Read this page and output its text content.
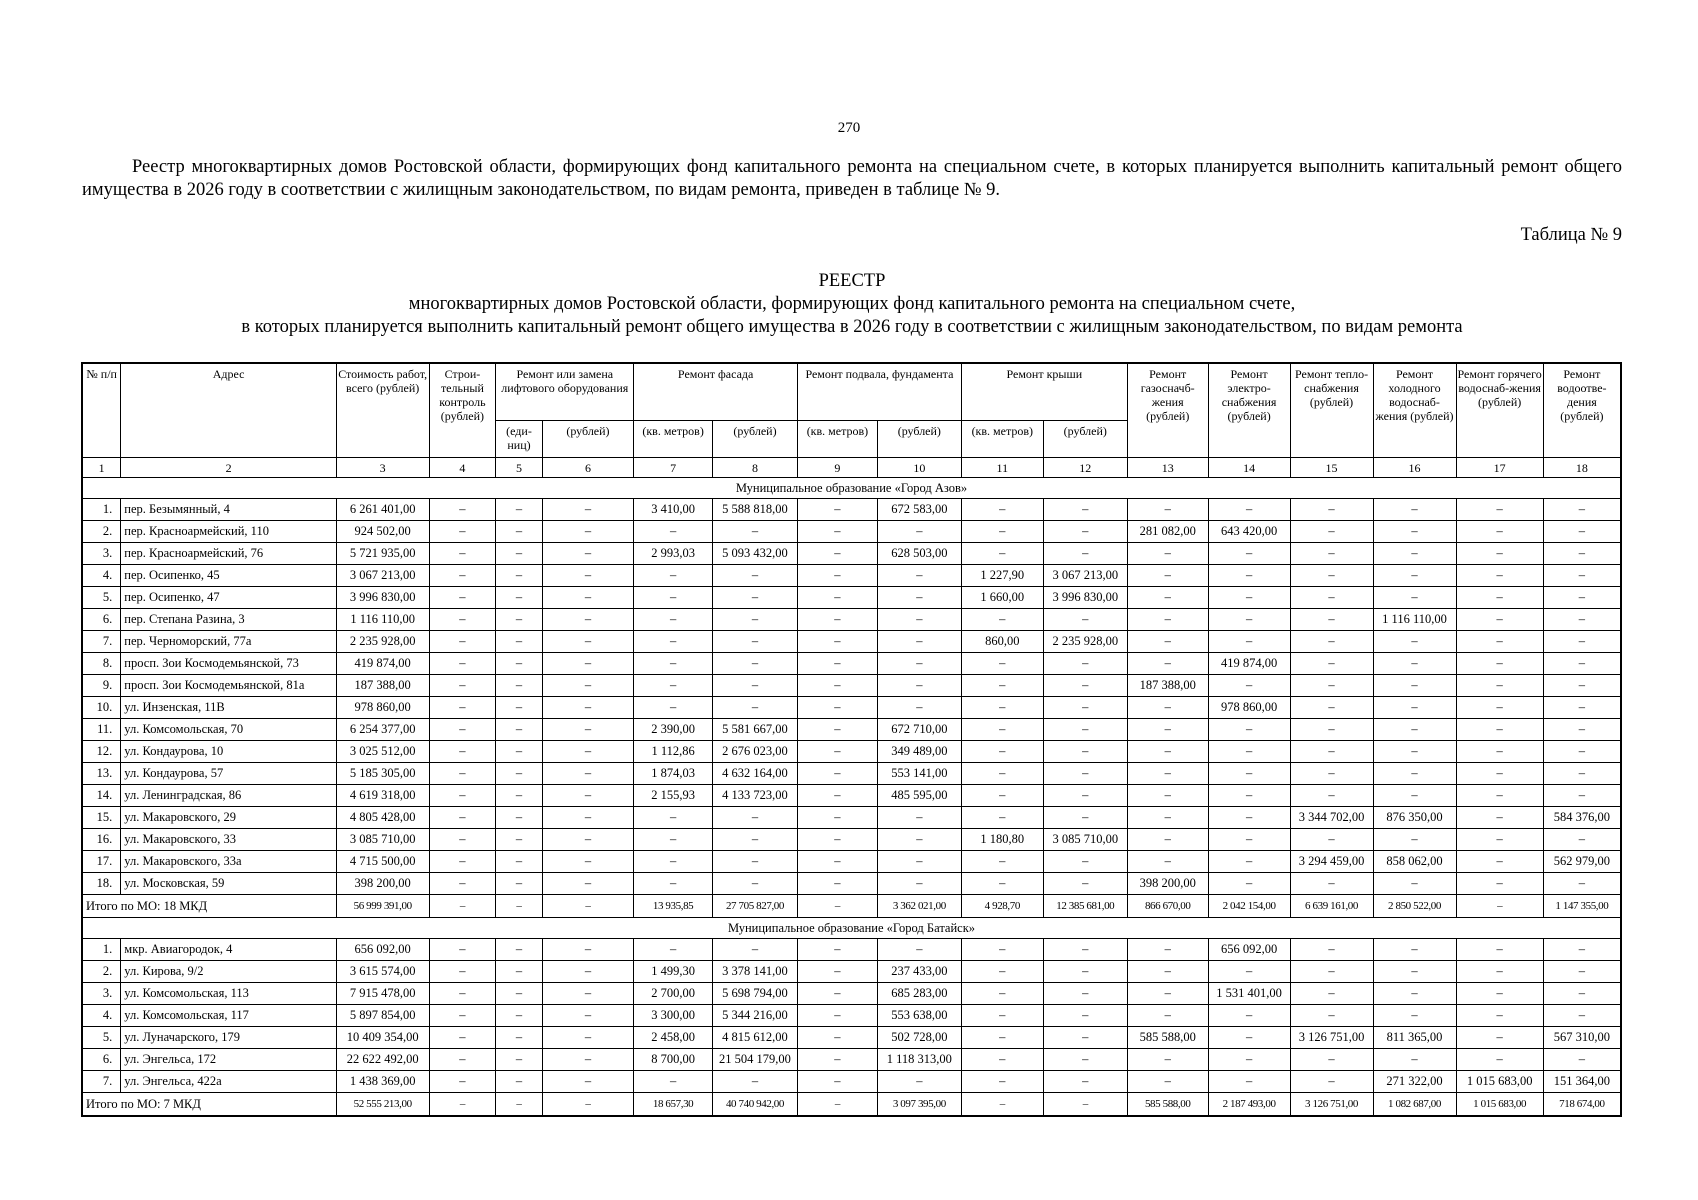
270
Реестр многоквартирных домов Ростовской области, формирующих фонд капитального ремонта на специальном счете, в которых планируется выполнить капитальный ремонт общего имущества в 2026 году в соответствии с жилищным законодательством, по видам ремонта, приведен в таблице № 9.
Таблица № 9
РЕЕСТР
многоквартирных домов Ростовской области, формирующих фонд капитального ремонта на специальном счете,
в которых планируется выполнить капитальный ремонт общего имущества в 2026 году в соответствии с жилищным законодательством, по видам ремонта
№ п/п	Адрес	Стоимость работ, всего (рублей)	Строи-тельный контроль (рублей)	Ремонт или замена лифтового оборудования		Ремонт фасада		Ремонт подвала, фундамента		Ремонт крыши		Ремонт газосначб-жения (рублей)	Ремонт электро-снабжения (рублей)	Ремонт тепло-снабжения (рублей)	Ремонт холодного водоснаб-жения (рублей)	Ремонт горячего водоснаб-жения (рублей)	Ремонт водоотве-дения (рублей)
				(еди-ниц)	(рублей)	(кв. метров)	(рублей)	(кв. метров)	(рублей)	(кв. метров)	(рублей)						
1	2	3	4	5	6	7	8	9	10	11	12	13	14	15	16	17	18
Муниципальное образование «Город Азов»																	
1.	пер. Безымянный, 4	6 261 401,00	–	–	–	3 410,00	5 588 818,00	–	672 583,00	–	–	–	–	–	–	–	–
2.	пер. Красноармейский, 110	924 502,00	–	–	–	–	–	–	–	–	–	281 082,00	643 420,00	–	–	–	–
3.	пер. Красноармейский, 76	5 721 935,00	–	–	–	2 993,03	5 093 432,00	–	628 503,00	–	–	–	–	–	–	–	–
4.	пер. Осипенко, 45	3 067 213,00	–	–	–	–	–	–	–	1 227,90	3 067 213,00	–	–	–	–	–	–
5.	пер. Осипенко, 47	3 996 830,00	–	–	–	–	–	–	–	1 660,00	3 996 830,00	–	–	–	–	–	–
6.	пер. Степана Разина, 3	1 116 110,00	–	–	–	–	–	–	–	–	–	–	–	–	1 116 110,00	–	–
7.	пер. Черноморский, 77а	2 235 928,00	–	–	–	–	–	–	–	860,00	2 235 928,00	–	–	–	–	–	–
8.	просп. Зои Космодемьянской, 73	419 874,00	–	–	–	–	–	–	–	–	–	–	419 874,00	–	–	–	–
9.	просп. Зои Космодемьянской, 81а	187 388,00	–	–	–	–	–	–	–	–	–	187 388,00	–	–	–	–	–
10.	ул. Инзенская, 11В	978 860,00	–	–	–	–	–	–	–	–	–	–	978 860,00	–	–	–	–
11.	ул. Комсомольская, 70	6 254 377,00	–	–	–	2 390,00	5 581 667,00	–	672 710,00	–	–	–	–	–	–	–	–
12.	ул. Кондаурова, 10	3 025 512,00	–	–	–	1 112,86	2 676 023,00	–	349 489,00	–	–	–	–	–	–	–	–
13.	ул. Кондаурова, 57	5 185 305,00	–	–	–	1 874,03	4 632 164,00	–	553 141,00	–	–	–	–	–	–	–	–
14.	ул. Ленинградская, 86	4 619 318,00	–	–	–	2 155,93	4 133 723,00	–	485 595,00	–	–	–	–	–	–	–	–
15.	ул. Макаровского, 29	4 805 428,00	–	–	–	–	–	–	–	–	–	–	–	3 344 702,00	876 350,00	–	584 376,00
16.	ул. Макаровского, 33	3 085 710,00	–	–	–	–	–	–	–	1 180,80	3 085 710,00	–	–	–	–	–	–
17.	ул. Макаровского, 33а	4 715 500,00	–	–	–	–	–	–	–	–	–	–	–	3 294 459,00	858 062,00	–	562 979,00
18.	ул. Московская, 59	398 200,00	–	–	–	–	–	–	–	–	–	398 200,00	–	–	–	–	–
Итого по МО: 18 МКД		56 999 391,00	–	–	–	13 935,85	27 705 827,00	–	3 362 021,00	4 928,70	12 385 681,00	866 670,00	2 042 154,00	6 639 161,00	2 850 522,00	–	1 147 355,00
Муниципальное образование «Город Батайск»																	
1.	мкр. Авиагородок, 4	656 092,00	–	–	–	–	–	–	–	–	–	–	656 092,00	–	–	–	–
2.	ул. Кирова, 9/2	3 615 574,00	–	–	–	1 499,30	3 378 141,00	–	237 433,00	–	–	–	–	–	–	–	–
3.	ул. Комсомольская, 113	7 915 478,00	–	–	–	2 700,00	5 698 794,00	–	685 283,00	–	–	–	1 531 401,00	–	–	–	–
4.	ул. Комсомольская, 117	5 897 854,00	–	–	–	3 300,00	5 344 216,00	–	553 638,00	–	–	–	–	–	–	–	–
5.	ул. Луначарского, 179	10 409 354,00	–	–	–	2 458,00	4 815 612,00	–	502 728,00	–	–	585 588,00	–	3 126 751,00	811 365,00	–	567 310,00
6.	ул. Энгельса, 172	22 622 492,00	–	–	–	8 700,00	21 504 179,00	–	1 118 313,00	–	–	–	–	–	–	–	–
7.	ул. Энгельса, 422а	1 438 369,00	–	–	–	–	–	–	–	–	–	–	–	–	271 322,00	1 015 683,00	151 364,00
Итого по МО: 7 МКД		52 555 213,00	–	–	–	18 657,30	40 740 942,00	–	3 097 395,00	–	–	585 588,00	2 187 493,00	3 126 751,00	1 082 687,00	1 015 683,00	718 674,00
